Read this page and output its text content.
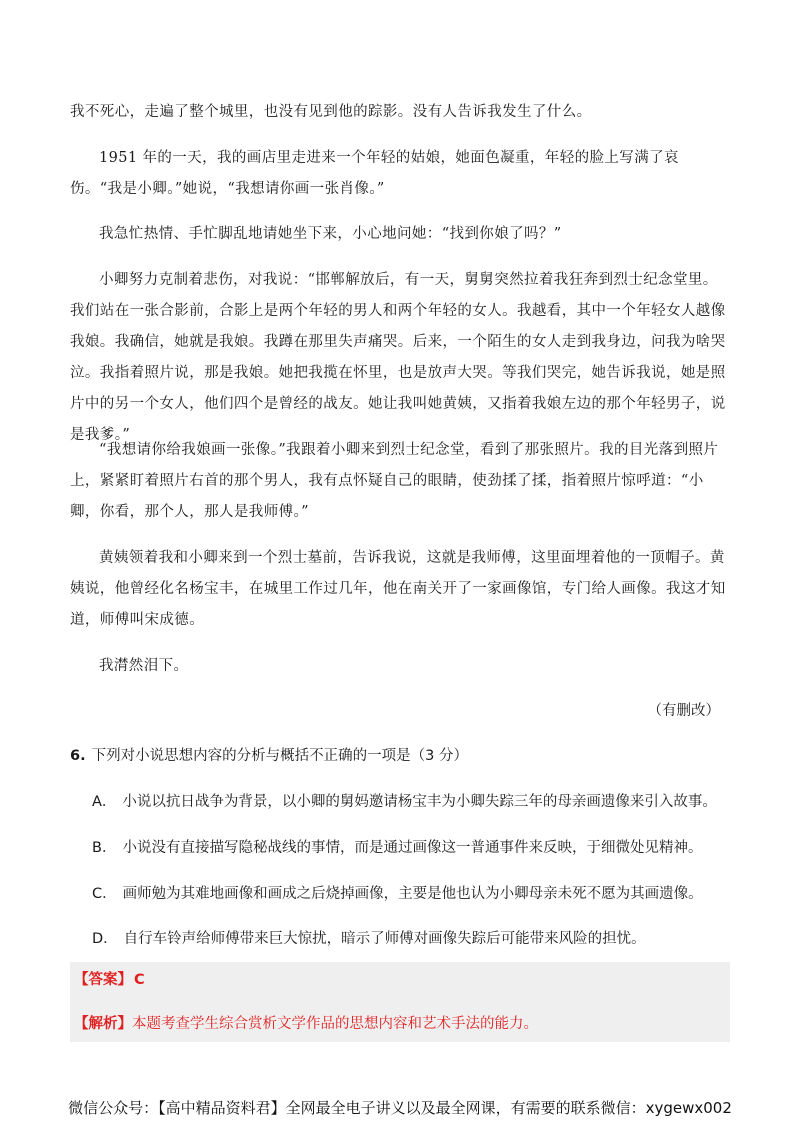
我不死心，走遍了整个城里，也没有见到他的踪影。没有人告诉我发生了什么。

1951 年的一天，我的画店里走进来一个年轻的姑娘，她面色凝重，年轻的脸上写满了哀伤。“我是小卿。”她说，“我想请你画一张肖像。”

我急忙热情、手忙脚乱地请她坐下来，小心地问她：“找到你娘了吗？”

小卿努力克制着悲伤，对我说：“邯郸解放后，有一天，舅舅突然拉着我狂奔到烈士纪念堂里。我们站在一张合影前，合影上是两个年轻的男人和两个年轻的女人。我越看，其中一个年轻女人越像我娘。我确信，她就是我娘。我蹲在那里失声痛哭。后来，一个陌生的女人走到我身边，问我为啥哭泣。我指着照片说，那是我娘。她把我揽在怀里，也是放声大哭。等我们哭完，她告诉我说，她是照片中的另一个女人，他们四个是曾经的战友。她让我叫她黄姨，又指着我娘左边的那个年轻男子，说是我爹。”

“我想请你给我娘画一张像。”我跟着小卿来到烈士纪念堂，看到了那张照片。我的目光落到照片上，紧紧盯着照片右首的那个男人，我有点怀疑自己的眼睛，使劲揉了揉，指着照片惊呼道：“小卿，你看，那个人，那人是我师傅。”

黄姨领着我和小卿来到一个烈士墓前，告诉我说，这就是我师傅，这里面埋着他的一顶帽子。黄姨说，他曾经化名杨宝丰，在城里工作过几年，他在南关开了一家画像馆，专门给人画像。我这才知道，师傅叫宋成德。

我潸然泪下。

（有删改）
6. 下列对小说思想内容的分析与概括不正确的一项是（3 分）
A． 小说以抗日战争为背景，以小卿的舅妈邀请杨宝丰为小卿失踪三年的母亲画遗像来引入故事。
B． 小说没有直接描写隐秘战线的事情，而是通过画像这一普通事件来反映，于细微处见精神。
C． 画师勉为其难地画像和画成之后烧掉画像，主要是他也认为小卿母亲未死不愿为其画遗像。
D． 自行车铃声给师傅带来巨大惊扰，暗示了师傅对画像失踪后可能带来风险的担忧。
【答案】 C
【解析】本题考查学生综合赏析文学作品的思想内容和艺术手法的能力。
微信公众号：【高中精品资料君】全网最全电子讲义以及最全网课，有需要的联系微信：xygewx002
